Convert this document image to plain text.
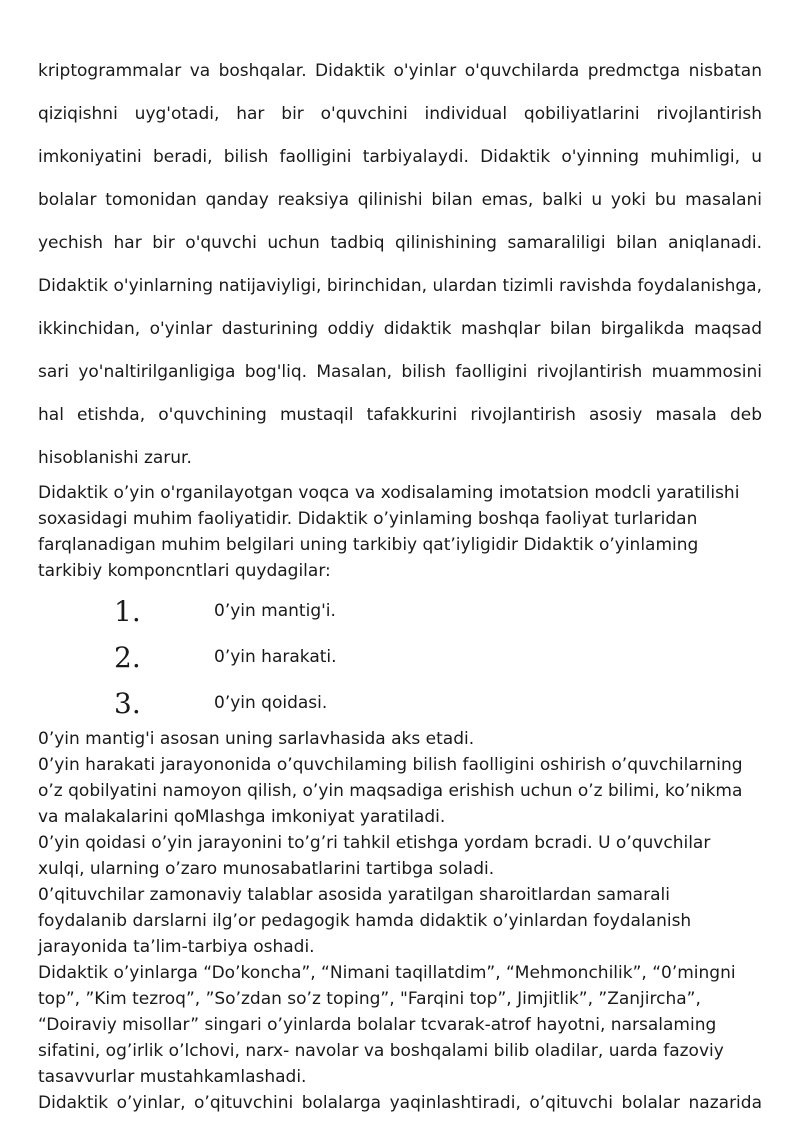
kriptogrammalar va boshqalar. Didaktik o'yinlar o'quvchilarda predmctga nisbatan qiziqishni uyg'otadi, har bir o'quvchini individual qobiliyatlarini rivojlantirish imkoniyatini beradi, bilish faolligini tarbiyalaydi. Didaktik o'yinning muhimligi, u bolalar tomonidan qanday reaksiya qilinishi bilan emas, balki u yoki bu masalani yechish har bir o'quvchi uchun tadbiq qilinishining samaraliligi bilan aniqlanadi. Didaktik o'yinlarning natijaviyligi, birinchidan, ulardan tizimli ravishda foydalanishga, ikkinchidan, o'yinlar dasturining oddiy didaktik mashqlar bilan birgalikda maqsad sari yo'naltirilganligiga bog'liq. Masalan, bilish faolligini rivojlantirish muammosini hal etishda, o'quvchining mustaqil tafakkurini rivojlantirish asosiy masala deb hisoblanishi zarur.

Didaktik o’yin o'rganilayotgan voqca va xodisalaming imotatsion modcli yaratilishi soxasidagi muhim faoliyatidir. Didaktik o’yinlaming boshqa faoliyat turlaridan farqlanadigan muhim belgilari uning tarkibiy qat’iyligidir Didaktik o’yinlaming tarkibiy komponcntlari quydagilar:

1.	0’yin mantig'i.
2.	0’yin harakati.
3.	0’yin qoidasi.

0’yin mantig'i asosan uning sarlavhasida aks etadi.

0’yin harakati jarayononida o’quvchilaming bilish faolligini oshirish o’quvchilarning o’z qobilyatini namoyon qilish, o’yin maqsadiga erishish uchun o’z bilimi, ko’nikma va malakalarini qoMlashga imkoniyat yaratiladi.

0’yin qoidasi o’yin jarayonini to’g’ri tahkil etishga yordam bcradi. U o’quvchilar xulqi, ularning o’zaro munosabatlarini tartibga soladi.

0’qituvchilar zamonaviy talablar asosida yaratilgan sharoitlardan samarali foydalanib darslarni ilg’or pedagogik hamda didaktik o’yinlardan foydalanish jarayonida ta’lim-tarbiya oshadi.

Didaktik o’yinlarga “Do’koncha”, “Nimani taqillatdim”, “Mehmonchilik”, “0’mingni top”, ”Kim tezroq”, ”So’zdan so’z toping”, "Farqini top”, Jimjitlik”, ”Zanjircha”, “Doiraviy misollar” singari o’yinlarda bolalar tcvarak-atrof hayotni, narsalaming sifatini, og’irlik o’lchovi, narx- navolar va boshqalami bilib oladilar, uarda fazoviy tasavvurlar mustahkamlashadi.

Didaktik o’yinlar, o’qituvchini bolalarga yaqinlashtiradi, o’qituvchi bolalar nazarida
